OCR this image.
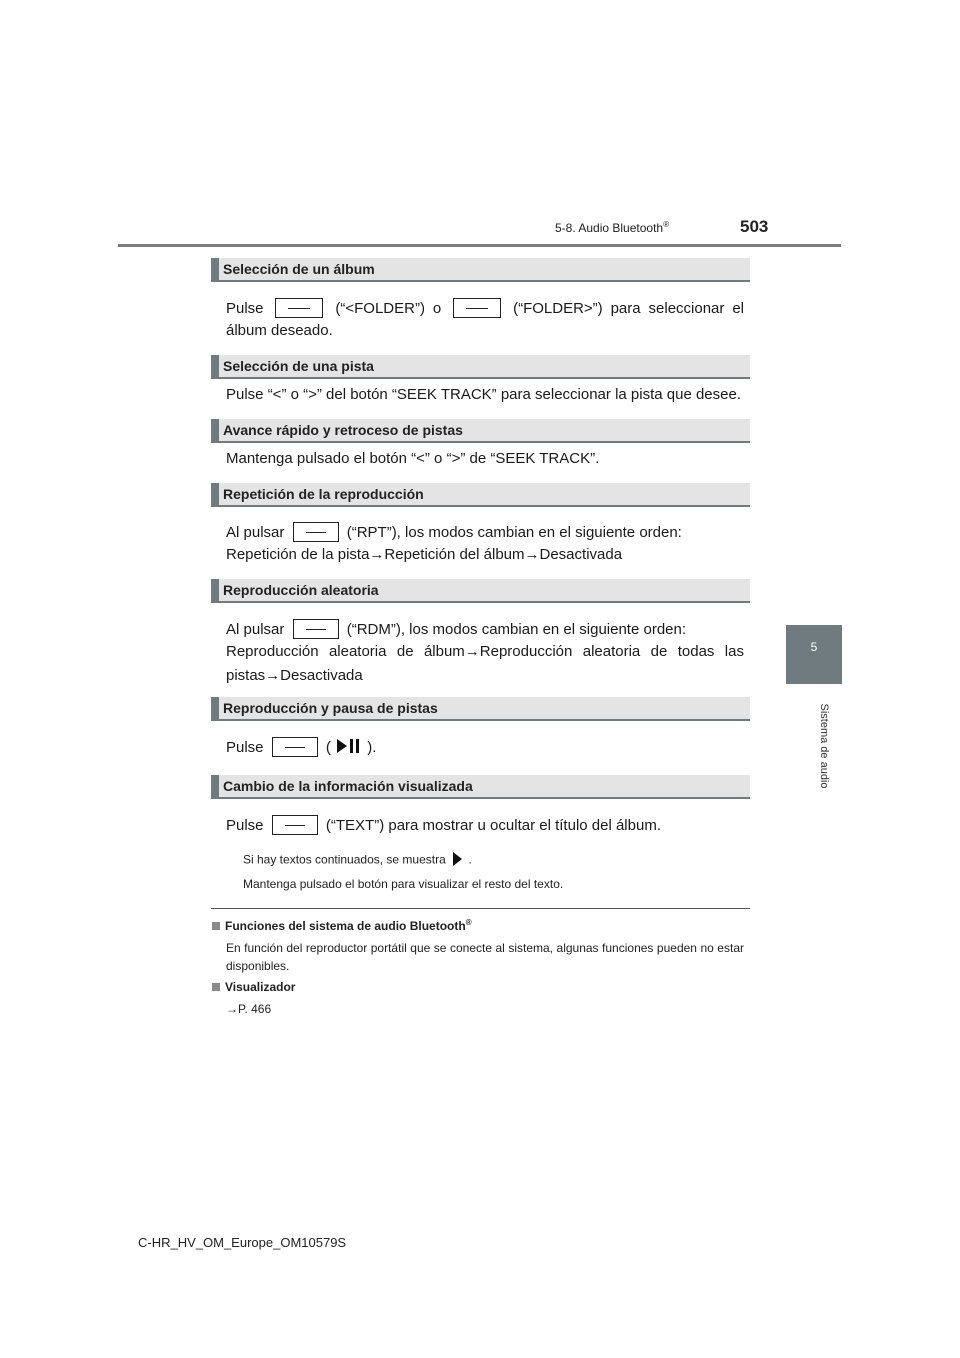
5-8. Audio Bluetooth®	503
5
Sistema de audio
Selección de un álbum
Pulse	(“<FOLDER”) o	(“FOLDER>”) para seleccionar el
álbum deseado.
Selección de una pista
Pulse “<” o “>” del botón “SEEK TRACK” para seleccionar la pista que desee.
Avance rápido y retroceso de pistas
Mantenga pulsado el botón “<” o “>” de “SEEK TRACK”.
Repetición de la reproducción
Al pulsar	(“RPT”), los modos cambian en el siguiente orden:
Repetición de la pista→Repetición del álbum→Desactivada
Reproducción aleatoria
Al pulsar	(“RDM”), los modos cambian en el siguiente orden:
Reproducción aleatoria de álbum→Reproducción aleatoria de todas las
pistas→Desactivada
Reproducción y pausa de pistas
Pulse	( ).
Cambio de la información visualizada
Pulse	(“TEXT”) para mostrar u ocultar el título del álbum.
Si hay textos continuados, se muestra .
Mantenga pulsado el botón para visualizar el resto del texto.
Funciones del sistema de audio Bluetooth®
En función del reproductor portátil que se conecte al sistema, algunas funciones pueden no estar disponibles.
Visualizador
→P. 466
C-HR_HV_OM_Europe_OM10579S
